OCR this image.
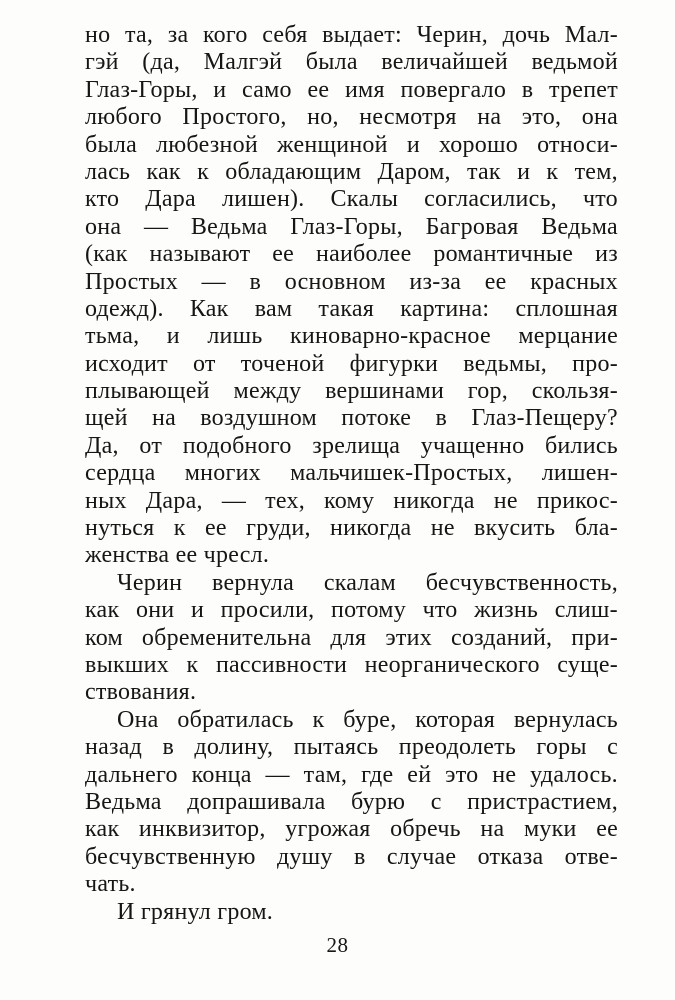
но та, за кого себя выдает: Черин, дочь Мал-
гэй (да, Малгэй была величайшей ведьмой
Глаз-Горы, и само ее имя повергало в трепет
любого Простого, но, несмотря на это, она
была любезной женщиной и хорошо относи-
лась как к обладающим Даром, так и к тем,
кто Дара лишен). Скалы согласились, что
она — Ведьма Глаз-Горы, Багровая Ведьма
(как называют ее наиболее романтичные из
Простых — в основном из-за ее красных
одежд). Как вам такая картина: сплошная
тьма, и лишь киноварно-красное мерцание
исходит от точеной фигурки ведьмы, про-
плывающей между вершинами гор, скользя-
щей на воздушном потоке в Глаз-Пещеру?
Да, от подобного зрелища учащенно бились
сердца многих мальчишек-Простых, лишен-
ных Дара, — тех, кому никогда не прикос-
нуться к ее груди, никогда не вкусить бла-
женства ее чресл.
Черин вернула скалам бесчувственность,
как они и просили, потому что жизнь слиш-
ком обременительна для этих созданий, при-
выкших к пассивности неорганического суще-
ствования.
Она обратилась к буре, которая вернулась
назад в долину, пытаясь преодолеть горы с
дальнего конца — там, где ей это не удалось.
Ведьма допрашивала бурю с пристрастием,
как инквизитор, угрожая обречь на муки ее
бесчувственную душу в случае отказа отве-
чать.
И грянул гром.
28
